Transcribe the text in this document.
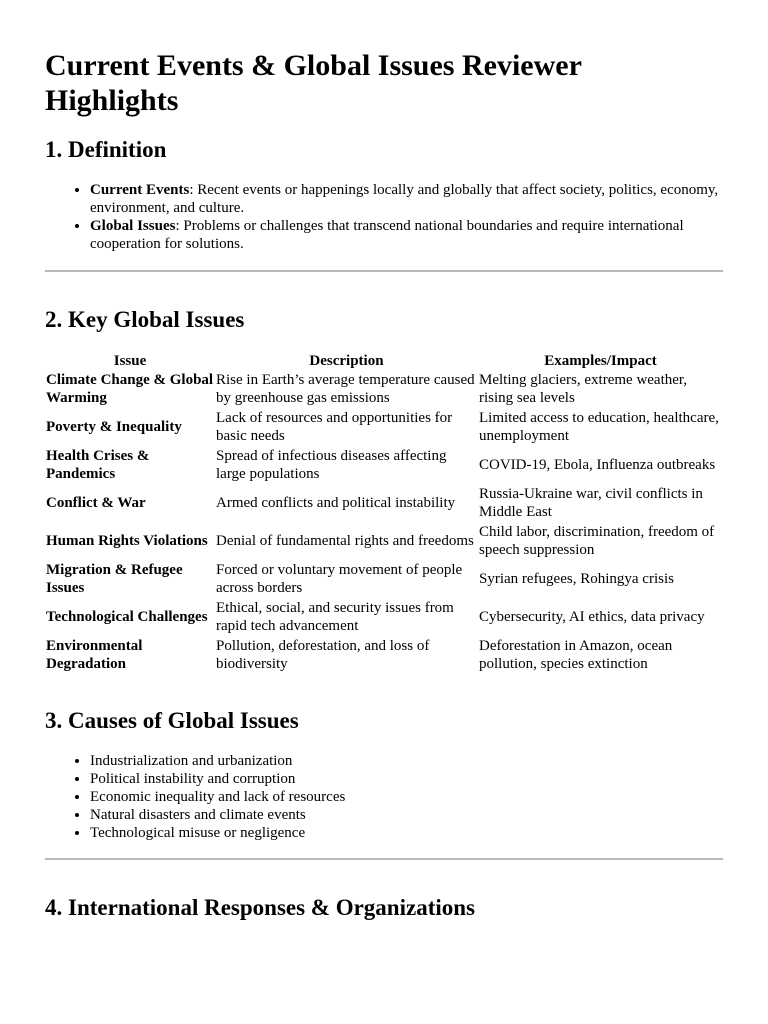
Current Events & Global Issues Reviewer Highlights
1. Definition
• Current Events: Recent events or happenings locally and globally that affect society, politics, economy, environment, and culture.
• Global Issues: Problems or challenges that transcend national boundaries and require international cooperation for solutions.
2. Key Global Issues
Issue	Description	Examples/Impact
Climate Change & Global Warming	Rise in Earth’s average temperature caused by greenhouse gas emissions	Melting glaciers, extreme weather, rising sea levels
Poverty & Inequality	Lack of resources and opportunities for basic needs	Limited access to education, healthcare, unemployment
Health Crises & Pandemics	Spread of infectious diseases affecting large populations	COVID-19, Ebola, Influenza outbreaks
Conflict & War	Armed conflicts and political instability	Russia-Ukraine war, civil conflicts in Middle East
Human Rights Violations	Denial of fundamental rights and freedoms	Child labor, discrimination, freedom of speech suppression
Migration & Refugee Issues	Forced or voluntary movement of people across borders	Syrian refugees, Rohingya crisis
Technological Challenges	Ethical, social, and security issues from rapid tech advancement	Cybersecurity, AI ethics, data privacy
Environmental Degradation	Pollution, deforestation, and loss of biodiversity	Deforestation in Amazon, ocean pollution, species extinction
3. Causes of Global Issues
• Industrialization and urbanization
• Political instability and corruption
• Economic inequality and lack of resources
• Natural disasters and climate events
• Technological misuse or negligence
4. International Responses & Organizations
